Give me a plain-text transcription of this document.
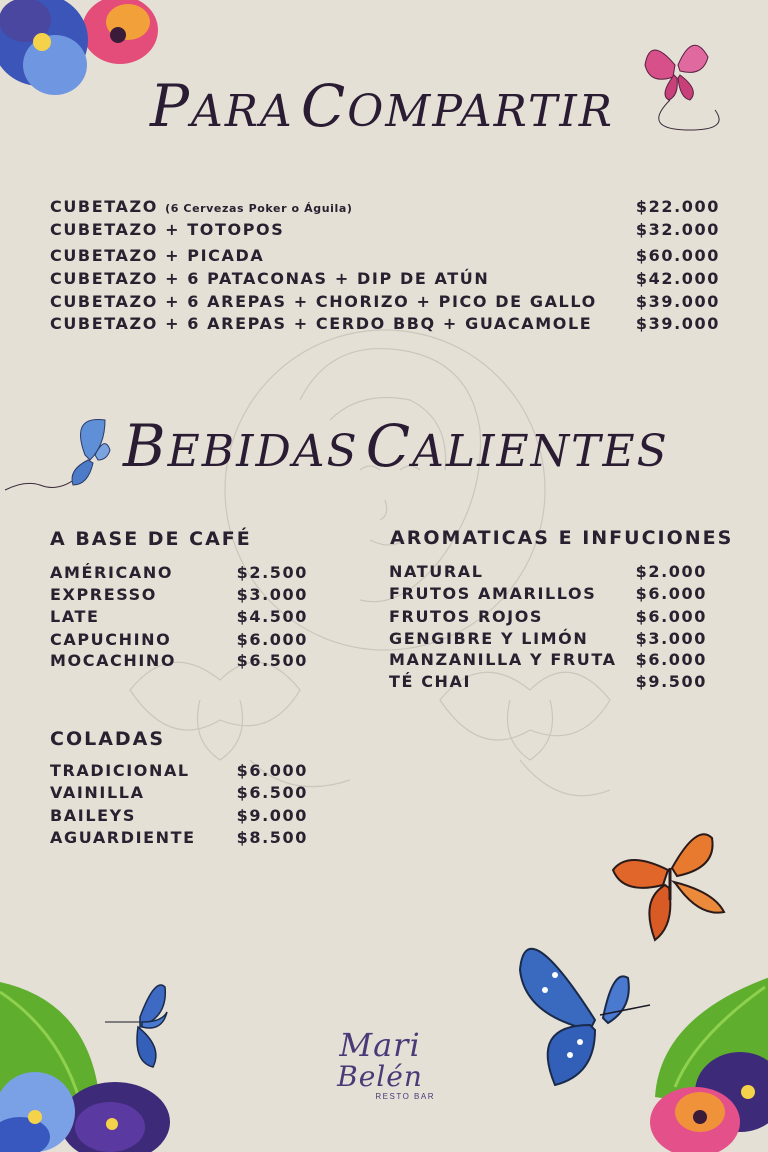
PARA COMPARTIR
CUBETAZO (6 Cervezas Poker o Águila)	$22.000
CUBETAZO + TOTOPOS	$32.000
CUBETAZO + PICADA	$60.000
CUBETAZO + 6 PATACONAS + DIP DE ATÚN	$42.000
CUBETAZO + 6 AREPAS + CHORIZO + PICO DE GALLO $39.000
CUBETAZO + 6 AREPAS + CERDO BBQ + GUACAMOLE	$39.000
BEBIDAS CALIENTES
A BASE DE CAFÉ
AMÉRICANO	$2.500
EXPRESSO	$3.000
LATE	$4.500
CAPUCHINO	$6.000
MOCACHINO	$6.500
AROMATICAS E INFUCIONES
NATURAL	$2.000
FRUTOS AMARILLOS $6.000
FRUTOS ROJOS	$6.000
GENGIBRE Y LIMÓN	$3.000
MANZANILLA Y FRUTA $6.000
TÉ CHAI	$9.500
COLADAS
TRADICIONAL	$6.000
VAINILLA	$6.500
BAILEYS	$9.000
AGUARDIENTE	$8.500
Mari
Belén
RESTO BAR
